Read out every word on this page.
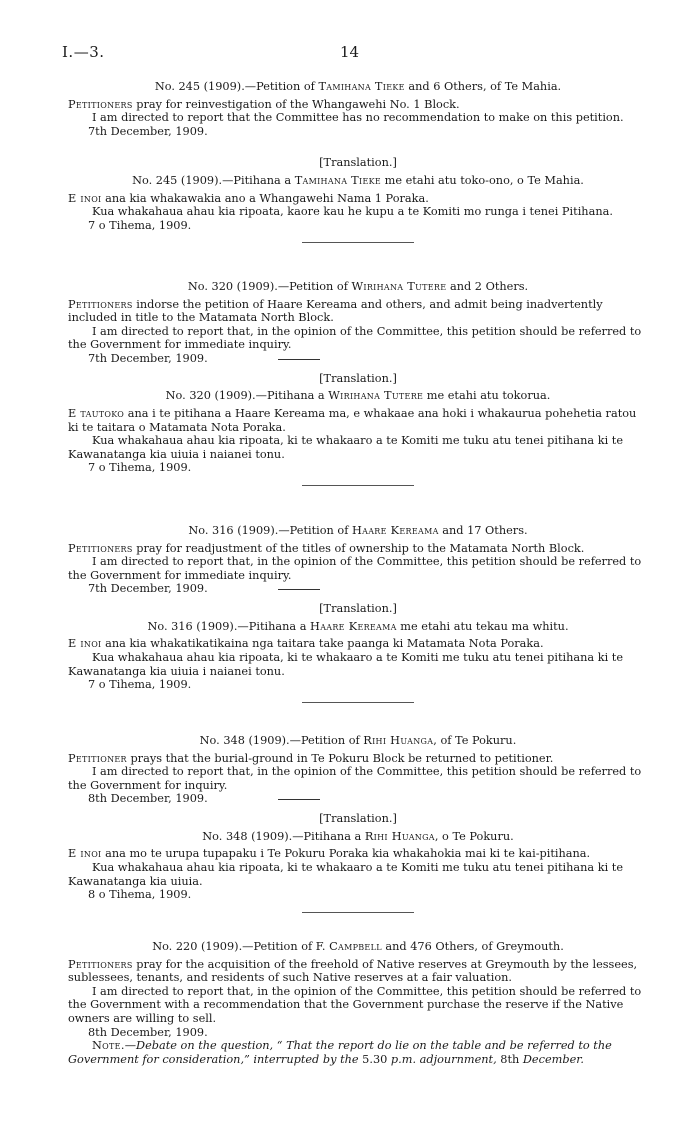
I.—3.	14
No. 245 (1909).—Petition of Tamihana Tieke and 6 Others, of Te Mahia.

Petitioners pray for reinvestigation of the Whangawehi No. 1 Block.

I am directed to report that the Committee has no recommendation to make on this petition.

7th December, 1909.

[Translation.]
No. 245 (1909).—Pitihana a Tamihana Tieke me etahi atu toko-ono, o Te Mahia.

E inoi ana kia whakawakia ano a Whangawehi Nama 1 Poraka.

Kua whakahaua ahau kia ripoata, kaore kau he kupu a te Komiti mo runga i tenei Pitihana.

7 o Tihema, 1909.

No. 320 (1909).—Petition of Wirihana Tutere and 2 Others.

Petitioners indorse the petition of Haare Kereama and others, and admit being inadvertently included in title to the Matamata North Block.

I am directed to report that, in the opinion of the Committee, this petition should be referred to the Government for immediate inquiry.

7th December, 1909.

[Translation.]
No. 320 (1909).—Pitihana a Wirihana Tutere me etahi atu tokorua.

E tautoko ana i te pitihana a Haare Kereama ma, e whakaae ana hoki i whakaurua pohehetia ratou ki te taitara o Matamata Nota Poraka.

Kua whakahaua ahau kia ripoata, ki te whakaaro a te Komiti me tuku atu tenei pitihana ki te Kawanatanga kia uiuia i naianei tonu.

7 o Tihema, 1909.

No. 316 (1909).—Petition of Haare Kereama and 17 Others.

Petitioners pray for readjustment of the titles of ownership to the Matamata North Block.

I am directed to report that, in the opinion of the Committee, this petition should be referred to the Government for immediate inquiry.

7th December, 1909.

[Translation.]
No. 316 (1909).—Pitihana a Haare Kereama me etahi atu tekau ma whitu.

E inoi ana kia whakatikatikaina nga taitara take paanga ki Matamata Nota Poraka.

Kua whakahaua ahau kia ripoata, ki te whakaaro a te Komiti me tuku atu tenei pitihana ki te Kawanatanga kia uiuia i naianei tonu.

7 o Tihema, 1909.

No. 348 (1909).—Petition of Rihi Huanga, of Te Pokuru.

Petitioner prays that the burial-ground in Te Pokuru Block be returned to petitioner.

I am directed to report that, in the opinion of the Committee, this petition should be referred to the Government for inquiry.

8th December, 1909.

[Translation.]
No. 348 (1909).—Pitihana a Rihi Huanga, o Te Pokuru.

E inoi ana mo te urupa tupapaku i Te Pokuru Poraka kia whakahokia mai ki te kai-pitihana.

Kua whakahaua ahau kia ripoata, ki te whakaaro a te Komiti me tuku atu tenei pitihana ki te Kawanatanga kia uiuia.

8 o Tihema, 1909.

No. 220 (1909).—Petition of F. Campbell and 476 Others, of Greymouth.

Petitioners pray for the acquisition of the freehold of Native reserves at Greymouth by the lessees, sublessees, tenants, and residents of such Native reserves at a fair valuation.

I am directed to report that, in the opinion of the Committee, this petition should be referred to the Government with a recommendation that the Government purchase the reserve if the Native owners are willing to sell.

8th December, 1909.

Note.—Debate on the question, “ That the report do lie on the table and be referred to the Government for consideration,” interrupted by the 5.30 p.m. adjournment, 8th December.
